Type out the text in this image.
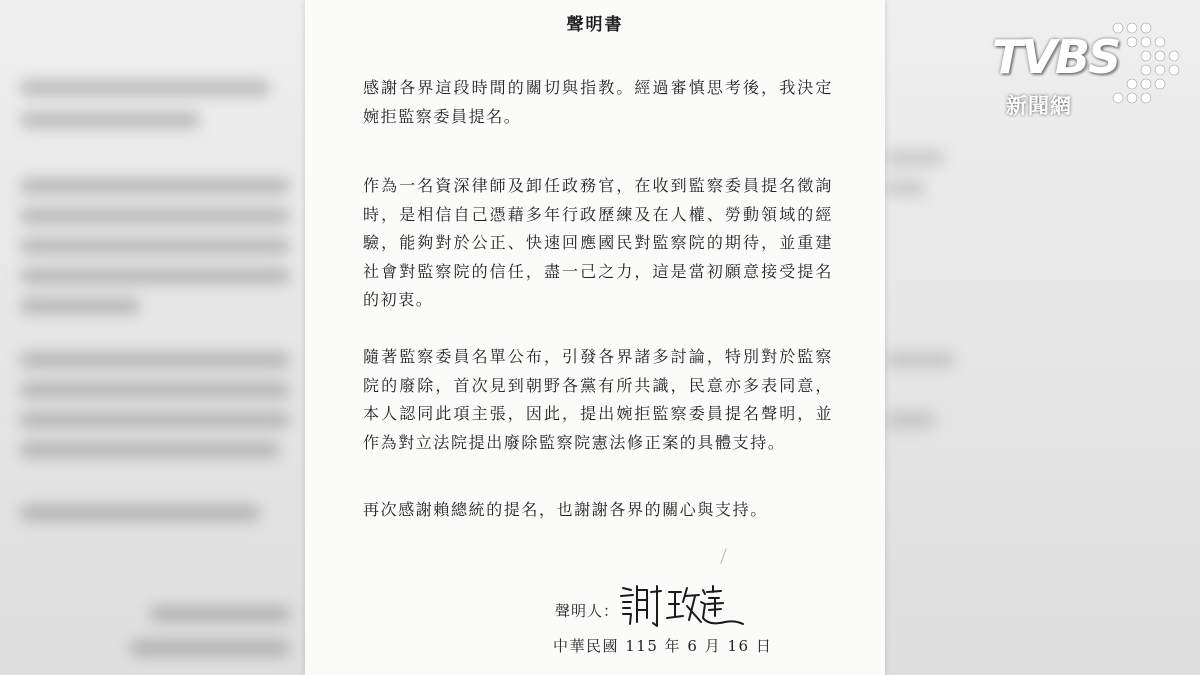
聲明書

感謝各界這段時間的關切與指教。經過審慎思考後，我決定婉拒監察委員提名。

作為一名資深律師及卸任政務官，在收到監察委員提名徵詢時，是相信自己憑藉多年行政歷練及在人權、勞動領域的經驗，能夠對於公正、快速回應國民對監察院的期待，並重建社會對監察院的信任，盡一己之力，這是當初願意接受提名的初衷。

隨著監察委員名單公布，引發各界諸多討論，特別對於監察院的廢除，首次見到朝野各黨有所共識，民意亦多表同意，本人認同此項主張，因此，提出婉拒監察委員提名聲明，並作為對立法院提出廢除監察院憲法修正案的具體支持。

再次感謝賴總統的提名，也謝謝各界的關心與支持。

聲明人：
中華民國 115 年 6 月 16 日
TVBS
新聞網
